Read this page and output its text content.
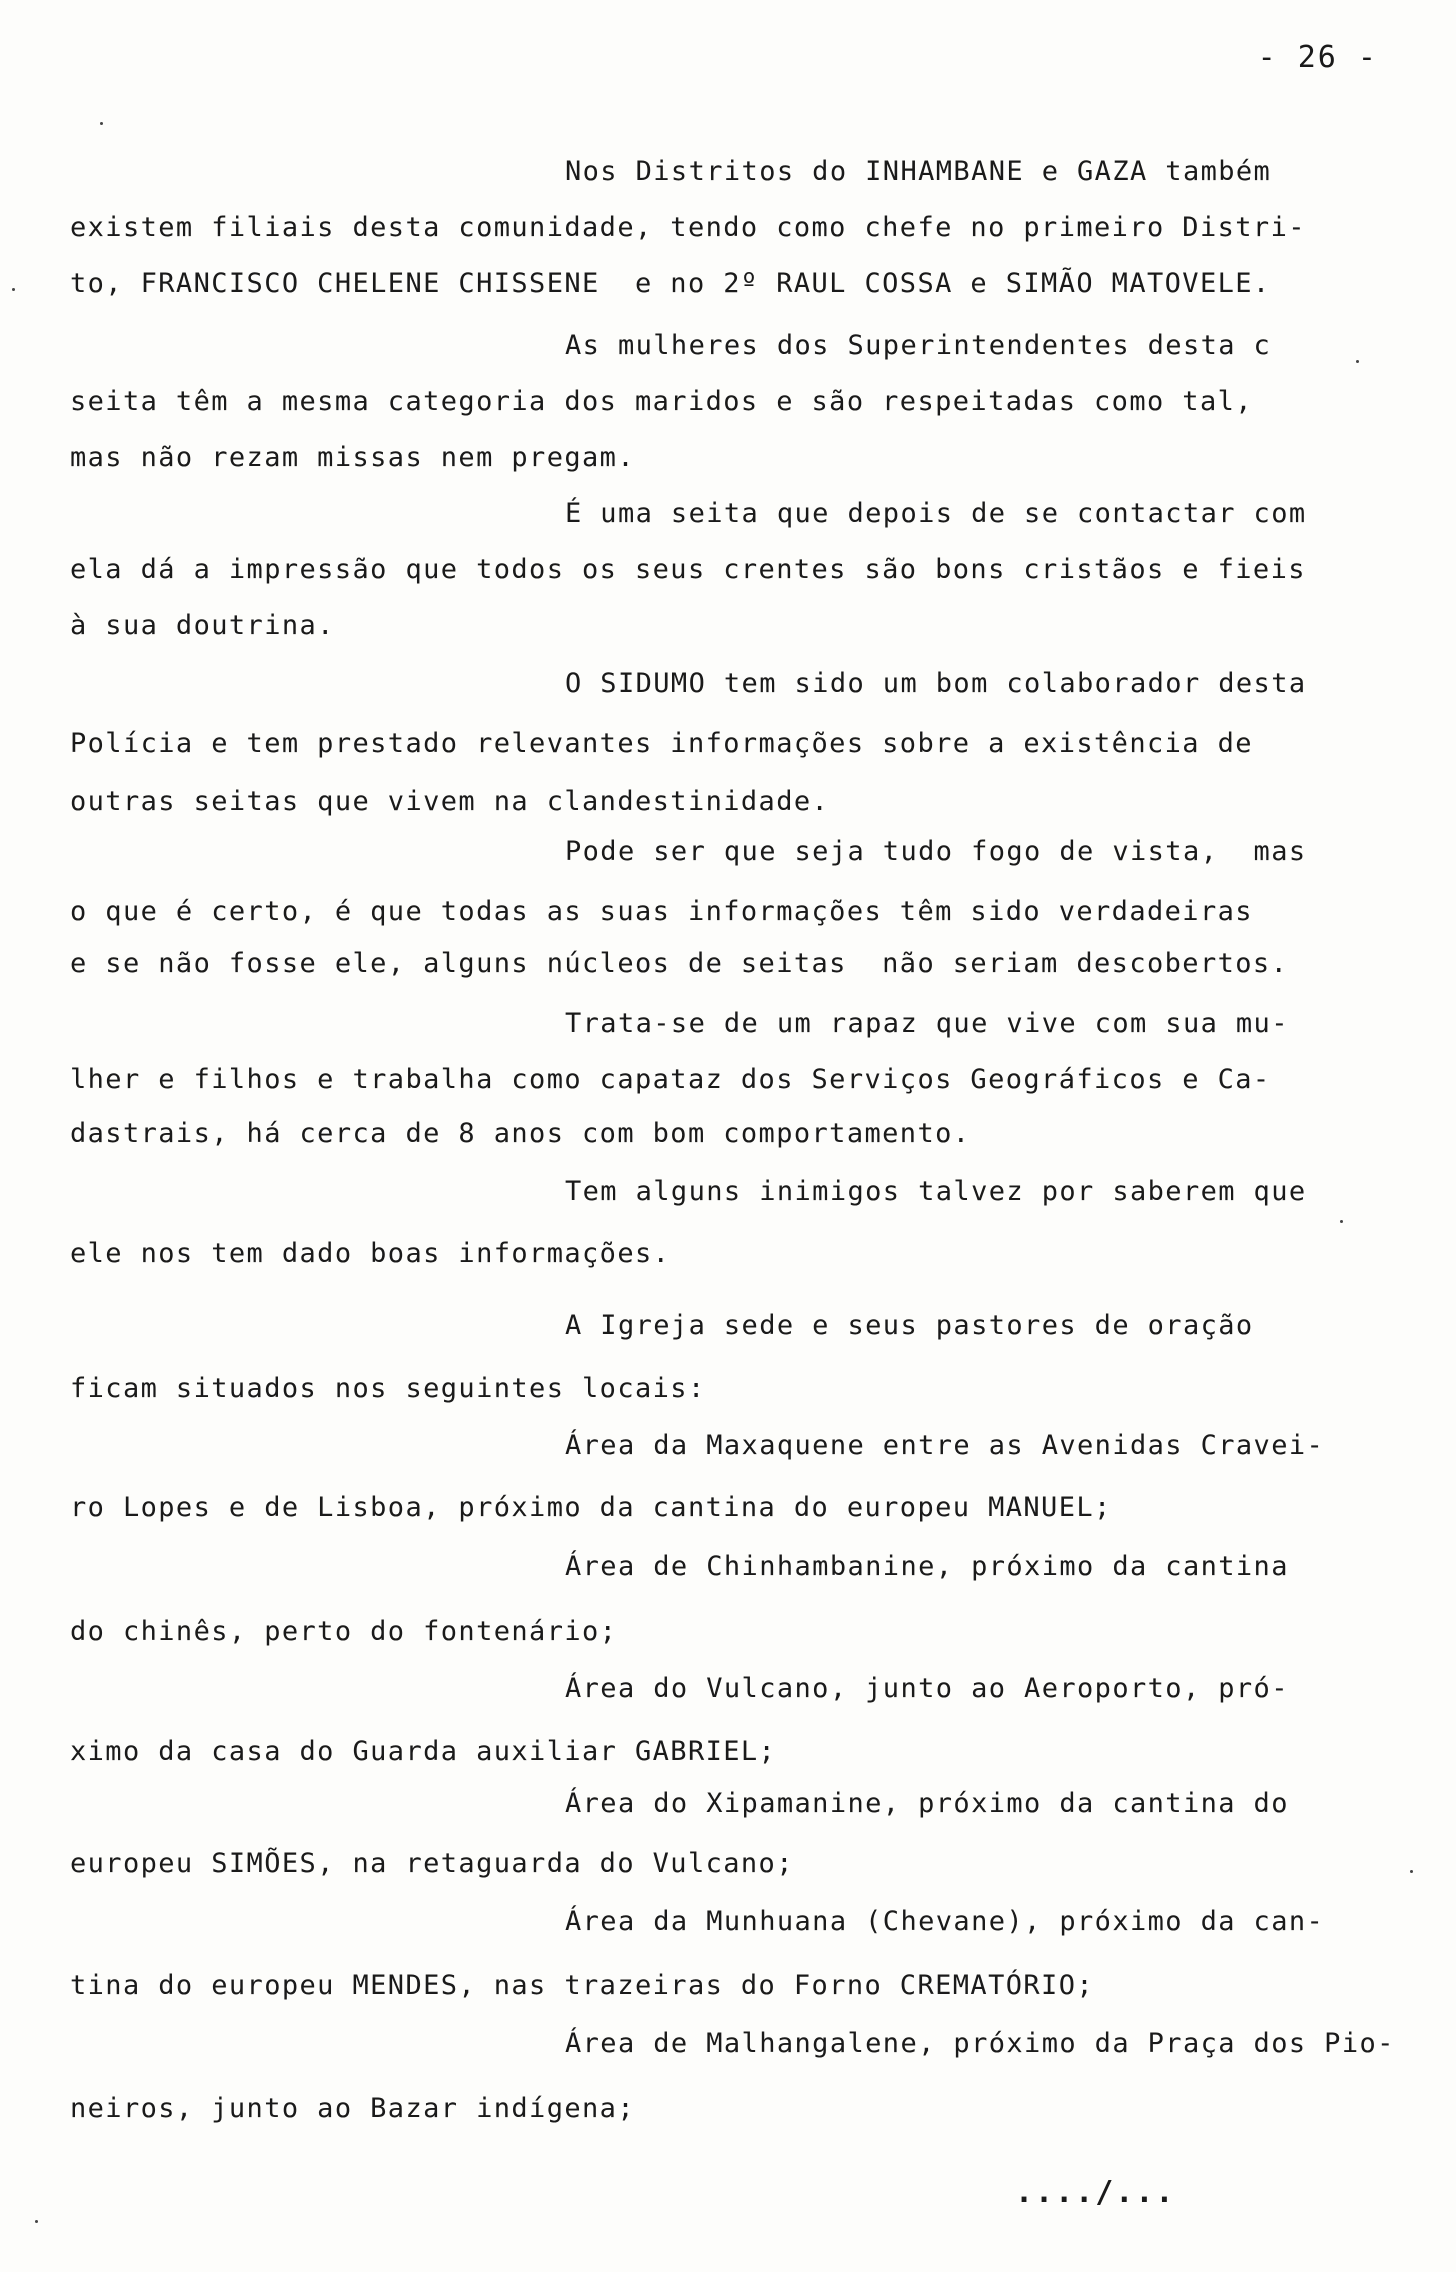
- 26 -
Nos Distritos do INHAMBANE e GAZA também
existem filiais desta comunidade, tendo como chefe no primeiro Distri-
to, FRANCISCO CHELENE CHISSENE  e no 2º RAUL COSSA e SIMÃO MATOVELE.
As mulheres dos Superintendentes desta c
seita têm a mesma categoria dos maridos e são respeitadas como tal,
mas não rezam missas nem pregam.
É uma seita que depois de se contactar com
ela dá a impressão que todos os seus crentes são bons cristãos e fieis
à sua doutrina.
O SIDUMO tem sido um bom colaborador desta
Polícia e tem prestado relevantes informações sobre a existência de
outras seitas que vivem na clandestinidade.
Pode ser que seja tudo fogo de vista,  mas
o que é certo, é que todas as suas informações têm sido verdadeiras
e se não fosse ele, alguns núcleos de seitas  não seriam descobertos.
Trata-se de um rapaz que vive com sua mu-
lher e filhos e trabalha como capataz dos Serviços Geográficos e Ca-
dastrais, há cerca de 8 anos com bom comportamento.
Tem alguns inimigos talvez por saberem que
ele nos tem dado boas informações.
A Igreja sede e seus pastores de oração
ficam situados nos seguintes locais:
Área da Maxaquene entre as Avenidas Cravei-
ro Lopes e de Lisboa, próximo da cantina do europeu MANUEL;
Área de Chinhambanine, próximo da cantina
do chinês, perto do fontenário;
Área do Vulcano, junto ao Aeroporto, pró-
ximo da casa do Guarda auxiliar GABRIEL;
Área do Xipamanine, próximo da cantina do
europeu SIMÕES, na retaguarda do Vulcano;
Área da Munhuana (Chevane), próximo da can-
tina do europeu MENDES, nas trazeiras do Forno CREMATÓRIO;
Área de Malhangalene, próximo da Praça dos Pio-
neiros, junto ao Bazar indígena;
..../...
